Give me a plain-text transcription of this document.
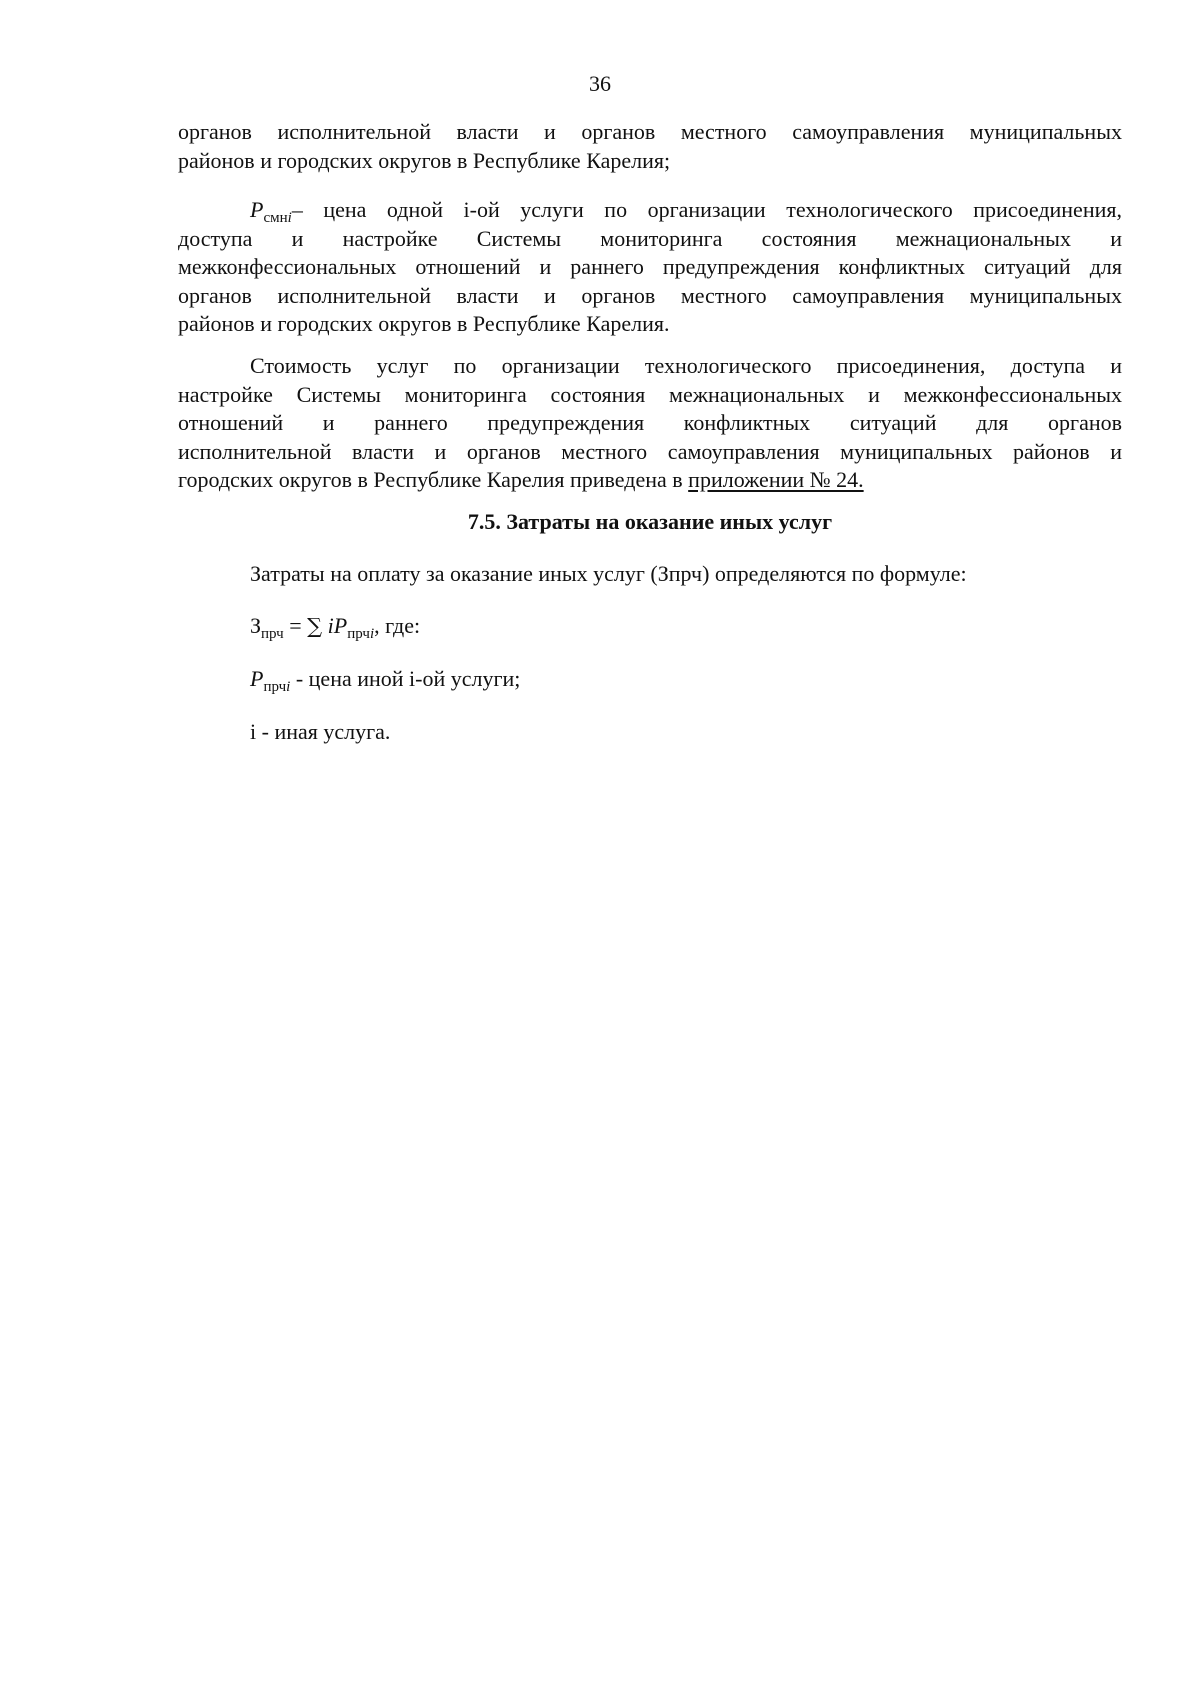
36
органов исполнительной власти и органов местного самоуправления муниципальных
районов и городских округов в Республике Карелия;
$P_{смнi}-$ цена одной i-ой услуги по организации технологического присоединения,
доступа и настройке Системы мониторинга состояния межнациональных и
межконфессиональных отношений и раннего предупреждения конфликтных ситуаций для
органов исполнительной власти и органов местного самоуправления муниципальных
районов и городских округов в Республике Карелия.
Стоимость услуг по организации технологического присоединения, доступа и
настройке Системы мониторинга состояния межнациональных и межконфессиональных
отношений и раннего предупреждения конфликтных ситуаций для органов
исполнительной власти и органов местного самоуправления муниципальных районов и
городских округов в Республике Карелия приведена в приложении № 24.
7.5. Затраты на оказание иных услуг
Затраты на оплату за оказание иных услуг (Зпрч) определяются по формуле:
$З_{прч}$ = ∑ $iP_{прчi}$, где:
$P_{прчi}$ - цена иной i-ой услуги;
i - иная услуга.
